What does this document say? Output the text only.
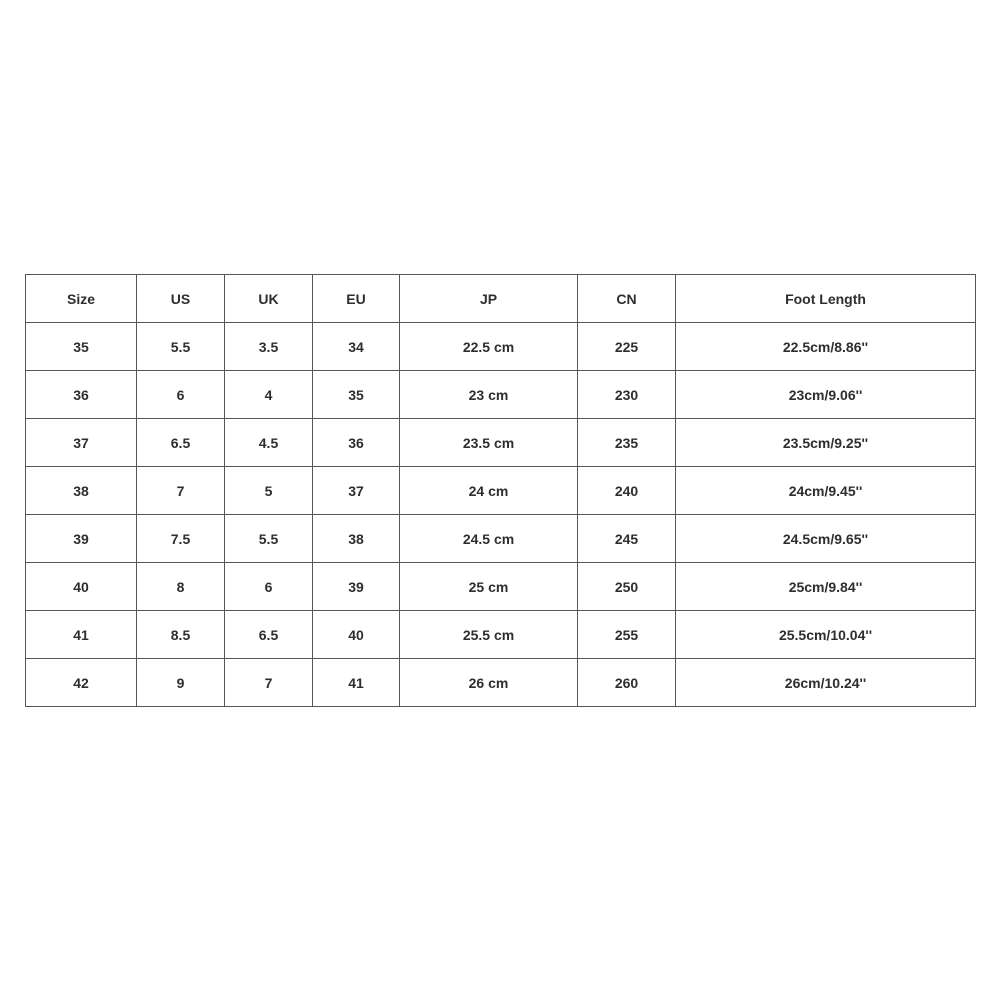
Size	US	UK	EU	JP	CN	Foot Length
35	5.5	3.5	34	22.5 cm	225	22.5cm/8.86''
36	6	4	35	23 cm	230	23cm/9.06''
37	6.5	4.5	36	23.5 cm	235	23.5cm/9.25''
38	7	5	37	24 cm	240	24cm/9.45''
39	7.5	5.5	38	24.5 cm	245	24.5cm/9.65''
40	8	6	39	25 cm	250	25cm/9.84''
41	8.5	6.5	40	25.5 cm	255	25.5cm/10.04''
42	9	7	41	26 cm	260	26cm/10.24''
